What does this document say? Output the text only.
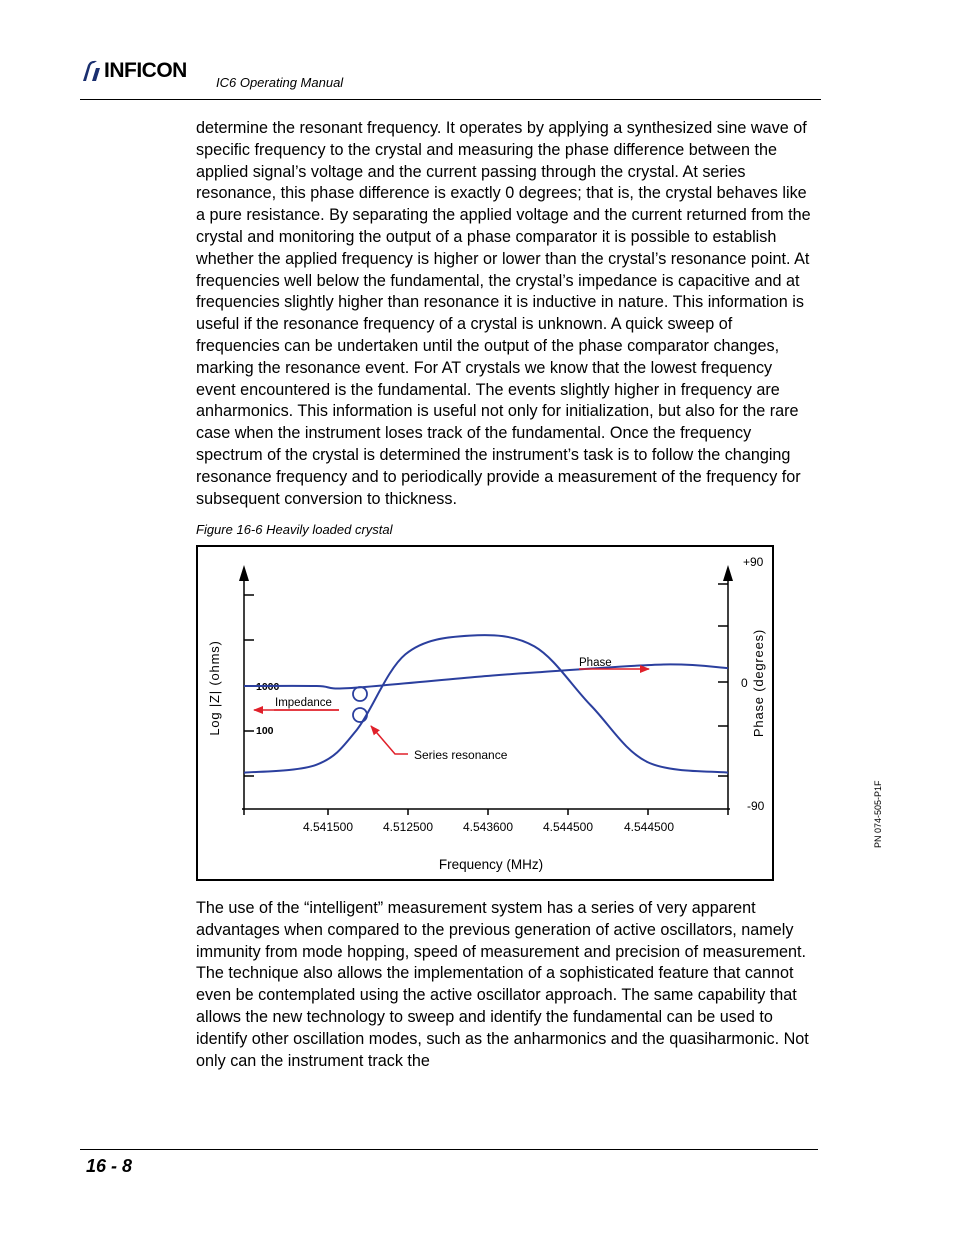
INFICON
IC6 Operating Manual

determine the resonant frequency. It operates by applying a synthesized sine wave of specific frequency to the crystal and measuring the phase difference between the applied signal’s voltage and the current passing through the crystal. At series resonance, this phase difference is exactly 0 degrees; that is, the crystal behaves like a pure resistance. By separating the applied voltage and the current returned from the crystal and monitoring the output of a phase comparator it is possible to establish whether the applied frequency is higher or lower than the crystal’s resonance point. At frequencies well below the fundamental, the crystal’s impedance is capacitive and at frequencies slightly higher than resonance it is inductive in nature. This information is useful if the resonance frequency of a crystal is unknown. A quick sweep of frequencies can be undertaken until the output of the phase comparator changes, marking the resonance event. For AT crystals we know that the lowest frequency event encountered is the fundamental. The events slightly higher in frequency are anharmonics. This information is useful not only for initialization, but also for the rare case when the instrument loses track of the fundamental. Once the frequency spectrum of the crystal is determined the instrument’s task is to follow the changing resonance frequency and to periodically provide a measurement of the frequency for subsequent conversion to thickness.

Figure 16-6 Heavily loaded crystal
1000
100
+90
0
-90
4.541500 4.512500 4.543600 4.544500	4.544500
Frequency (MHz)
Log |Z| (ohms)	Phase (degrees)
Impedance
Phase
Series resonance
PN 074-505-P1F

The use of the “intelligent” measurement system has a series of very apparent advantages when compared to the previous generation of active oscillators, namely immunity from mode hopping, speed of measurement and precision of measurement. The technique also allows the implementation of a sophisticated feature that cannot even be contemplated using the active oscillator approach. The same capability that allows the new technology to sweep and identify the fundamental can be used to identify other oscillation modes, such as the anharmonics and the quasiharmonic. Not only can the instrument track the

16 - 8
